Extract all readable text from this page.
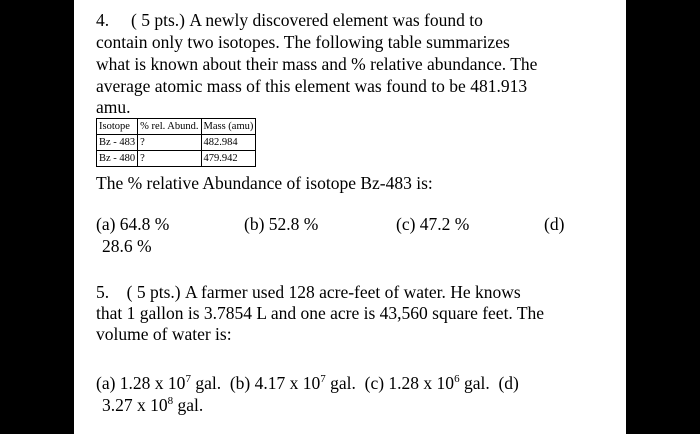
4. ( 5 pts.) A newly discovered element was found to
contain only two isotopes. The following table summarizes
what is known about their mass and % relative abundance. The
average atomic mass of this element was found to be 481.913
amu.
Isotope	% rel. Abund.	Mass (amu)
Bz - 483	?	482.984
Bz - 480	?	479.942
The % relative Abundance of isotope Bz-483 is:
(a) 64.8 %	(b) 52.8 %	(c) 47.2 %	(d)
28.6 %
5. ( 5 pts.) A farmer used 128 acre-feet of water. He knows
that 1 gallon is 3.7854 L and one acre is 43,560 square feet. The
volume of water is:
(a) 1.28 x $10^7$ gal. (b) 4.17 x $10^7$ gal. (c) 1.28 x $10^6$ gal. (d)
3.27 x $10^8$ gal.
